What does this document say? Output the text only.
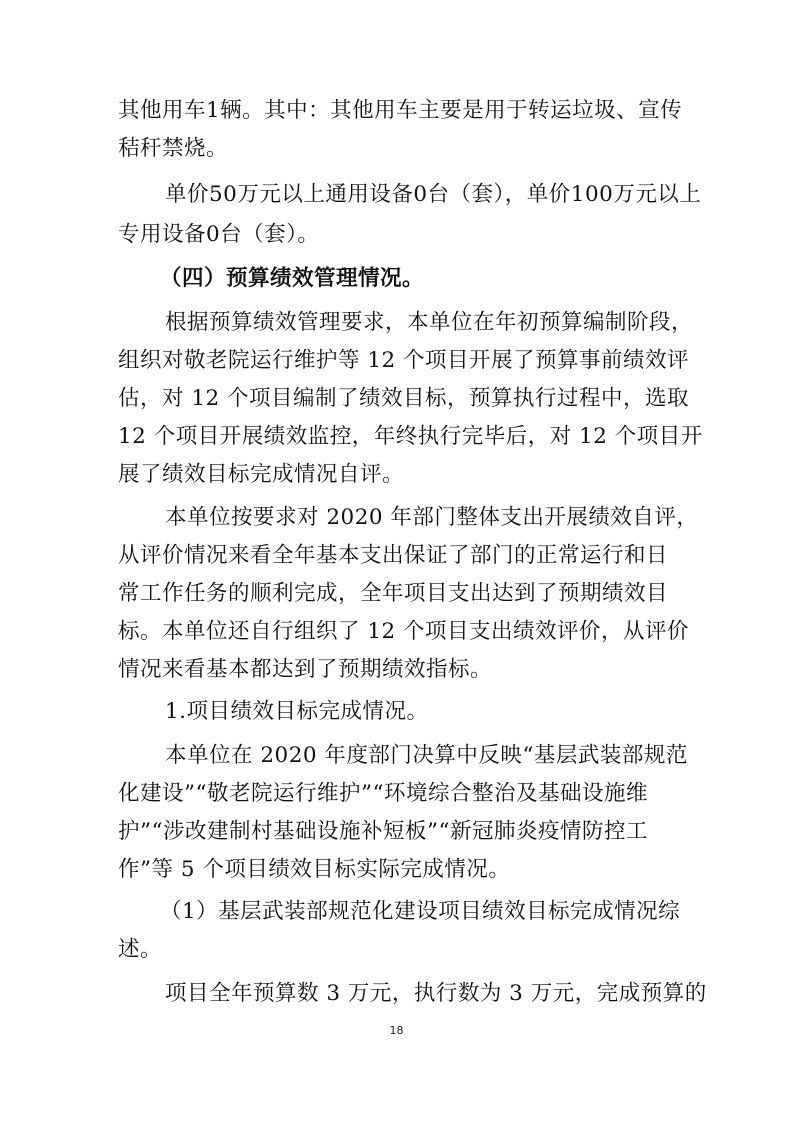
其他用车1辆。其中：其他用车主要是用于转运垃圾、宣传
秸秆禁烧。
单价50万元以上通用设备0台（套），单价100万元以上
专用设备0台（套）。
（四）预算绩效管理情况。
根据预算绩效管理要求，本单位在年初预算编制阶段，
组织对敬老院运行维护等 12 个项目开展了预算事前绩效评
估，对 12 个项目编制了绩效目标，预算执行过程中，选取
12 个项目开展绩效监控，年终执行完毕后，对 12 个项目开
展了绩效目标完成情况自评。
本单位按要求对 2020 年部门整体支出开展绩效自评，
从评价情况来看全年基本支出保证了部门的正常运行和日
常工作任务的顺利完成，全年项目支出达到了预期绩效目
标。本单位还自行组织了 12 个项目支出绩效评价，从评价
情况来看基本都达到了预期绩效指标。
1.项目绩效目标完成情况。
本单位在 2020 年度部门决算中反映“基层武装部规范
化建设”“敬老院运行维护”“环境综合整治及基础设施维
护”“涉改建制村基础设施补短板”“新冠肺炎疫情防控工
作”等 5 个项目绩效目标实际完成情况。
（1）基层武装部规范化建设项目绩效目标完成情况综
述。
项目全年预算数 3 万元，执行数为 3 万元，完成预算的
18
